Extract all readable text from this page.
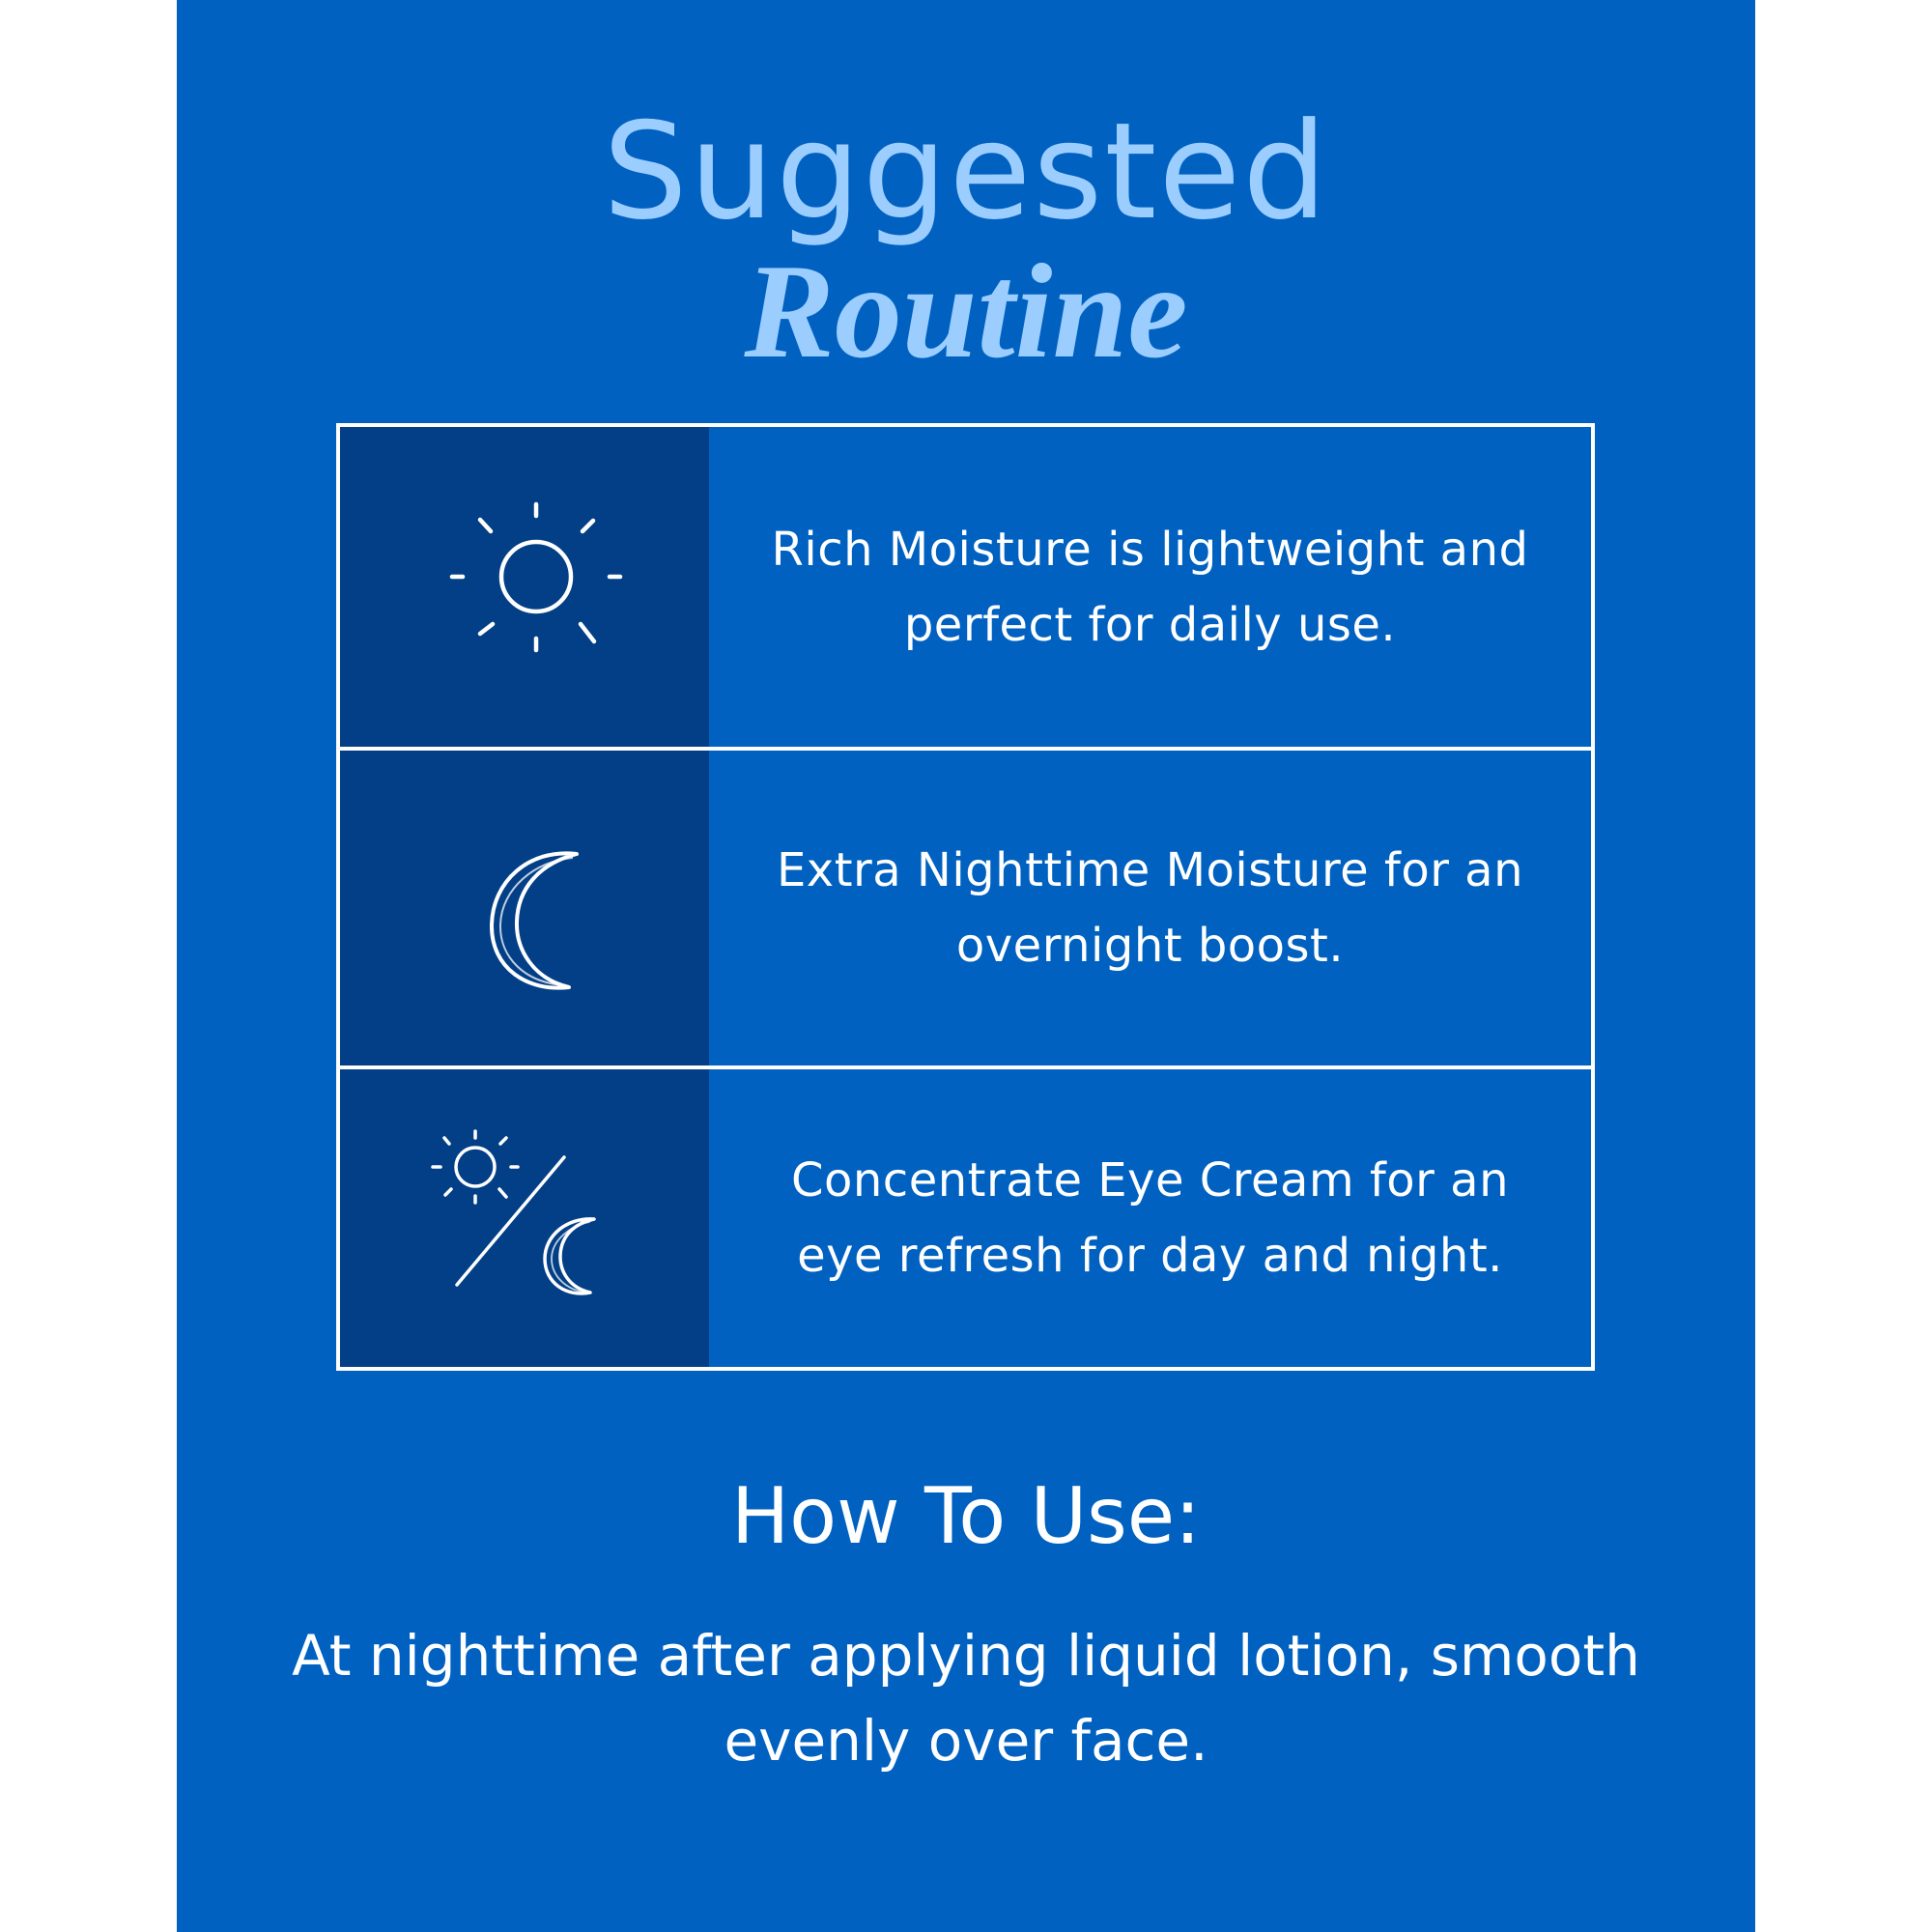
Suggested
Routine
Rich Moisture is lightweight and perfect for daily use.
Extra Nighttime Moisture for an overnight boost.
Concentrate Eye Cream for an eye refresh for day and night.
How To Use:
At nighttime after applying liquid lotion, smooth evenly over face.
